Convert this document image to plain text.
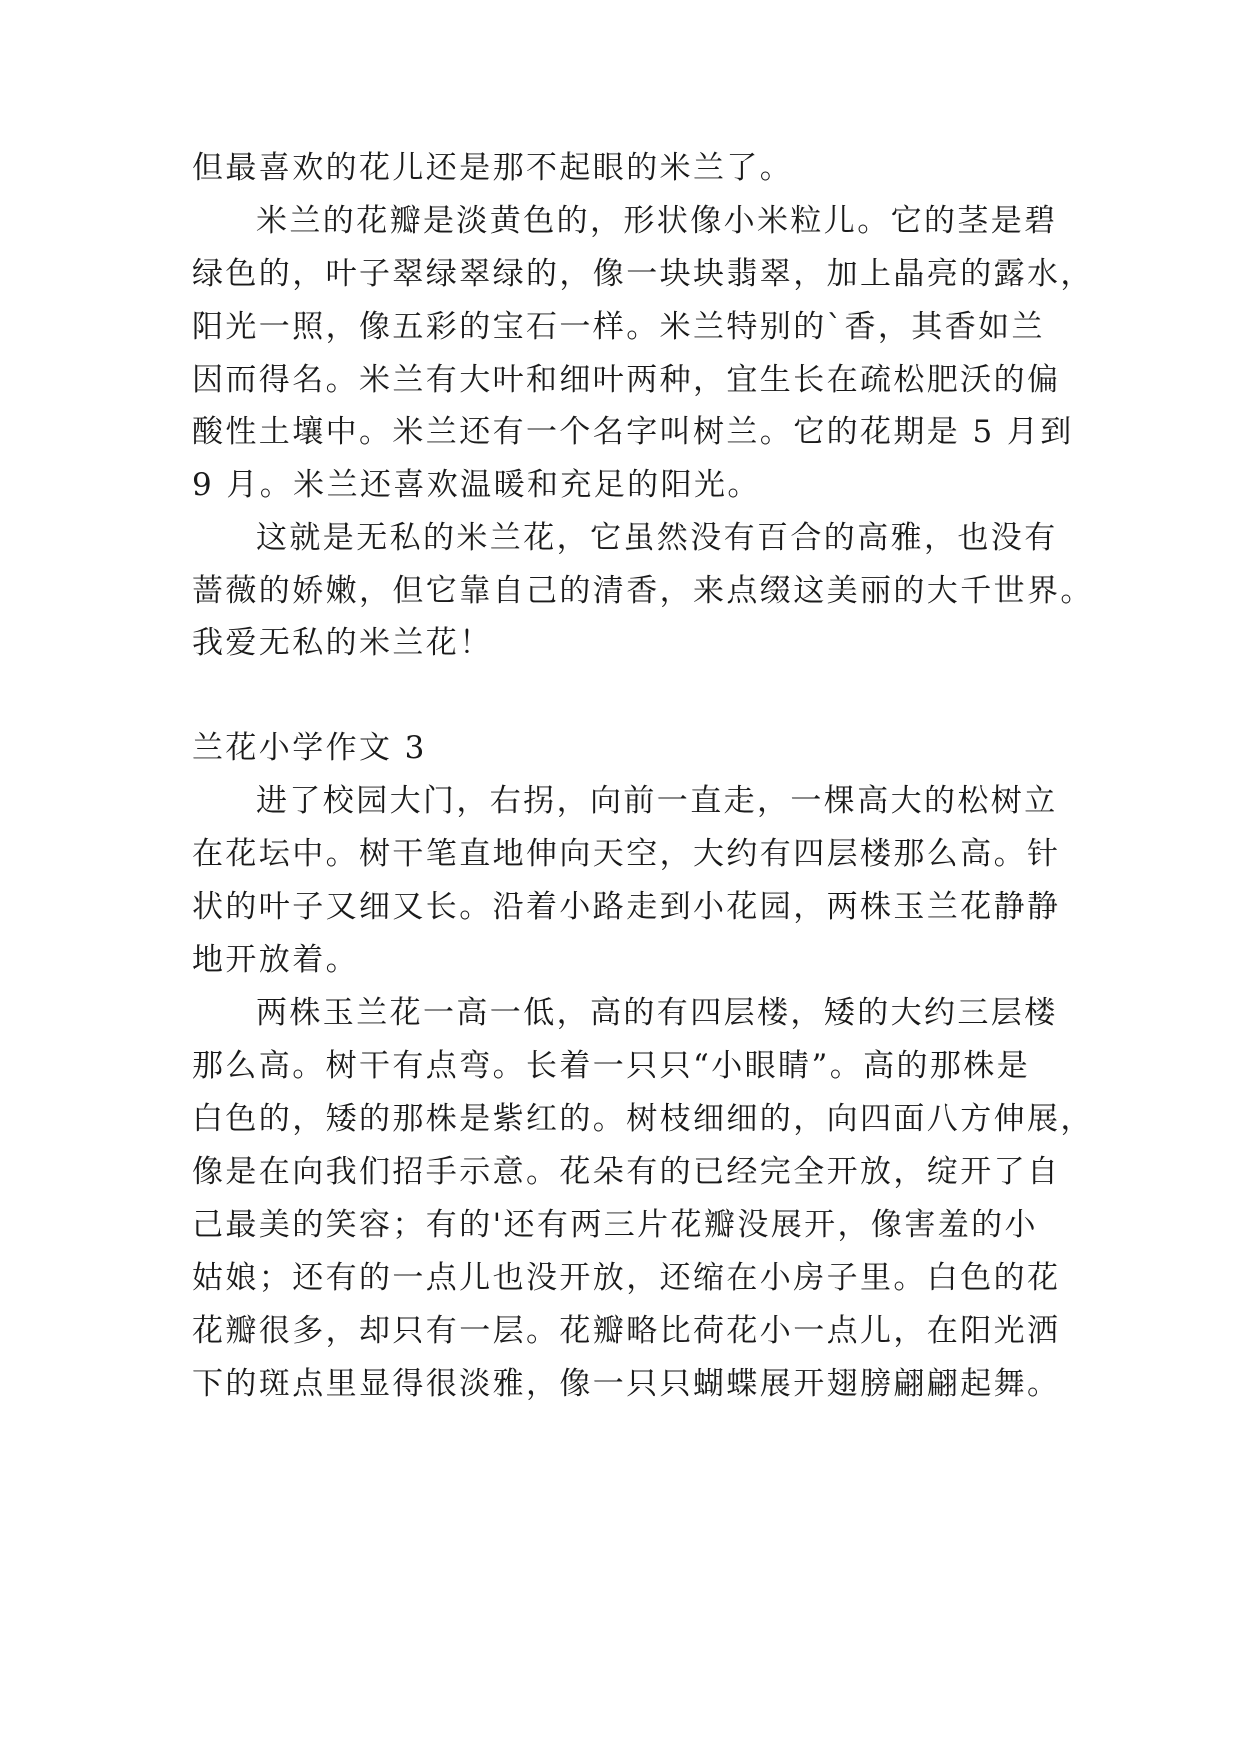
但最喜欢的花儿还是那不起眼的米兰了。
米兰的花瓣是淡黄色的，形状像小米粒儿。它的茎是碧
绿色的，叶子翠绿翠绿的，像一块块翡翠，加上晶亮的露水，
阳光一照，像五彩的宝石一样。米兰特别的`香，其香如兰
因而得名。米兰有大叶和细叶两种，宜生长在疏松肥沃的偏
酸性土壤中。米兰还有一个名字叫树兰。它的花期是 5 月到
9 月。米兰还喜欢温暖和充足的阳光。
这就是无私的米兰花，它虽然没有百合的高雅，也没有
蔷薇的娇嫩，但它靠自己的清香，来点缀这美丽的大千世界。
我爱无私的米兰花！
兰花小学作文 3
进了校园大门，右拐，向前一直走，一棵高大的松树立
在花坛中。树干笔直地伸向天空，大约有四层楼那么高。针
状的叶子又细又长。沿着小路走到小花园，两株玉兰花静静
地开放着。
两株玉兰花一高一低，高的有四层楼，矮的大约三层楼
那么高。树干有点弯。长着一只只“小眼睛”。高的那株是
白色的，矮的那株是紫红的。树枝细细的，向四面八方伸展，
像是在向我们招手示意。花朵有的已经完全开放，绽开了自
己最美的笑容；有的'还有两三片花瓣没展开，像害羞的小
姑娘；还有的一点儿也没开放，还缩在小房子里。白色的花
花瓣很多，却只有一层。花瓣略比荷花小一点儿，在阳光洒
下的斑点里显得很淡雅，像一只只蝴蝶展开翅膀翩翩起舞。
